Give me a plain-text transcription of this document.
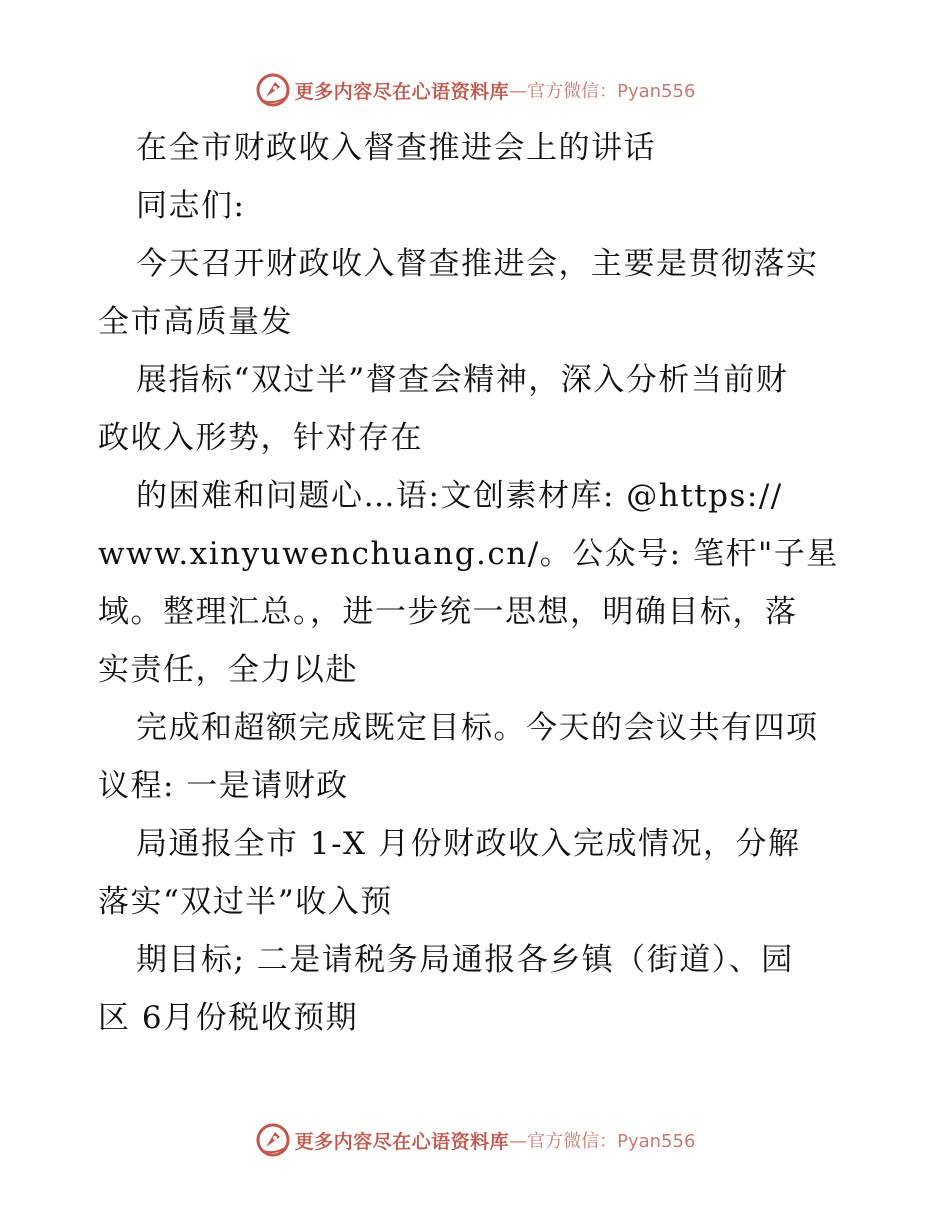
更多内容尽在心语资料库 —官方微信：Pyan556
在全市财政收入督查推进会上的讲话
同志们:
今天召开财政收入督查推进会，主要是贯彻落实
全市高质量发
展指标“双过半”督查会精神，深入分析当前财
政收入形势，针对存在
的困难和问题心…语:文创素材库: @https://
www.xinyuwenchuang.cn/。公众号: 笔杆"子星
域。整理汇总。，进一步统一思想，明确目标，落
实责任，全力以赴
完成和超额完成既定目标。今天的会议共有四项
议程: 一是请财政
局通报全市 1-X 月份财政收入完成情况，分解
落实“双过半”收入预
期目标; 二是请税务局通报各乡镇（街道）、园
区 6月份税收预期
更多内容尽在心语资料库 —官方微信：Pyan556
